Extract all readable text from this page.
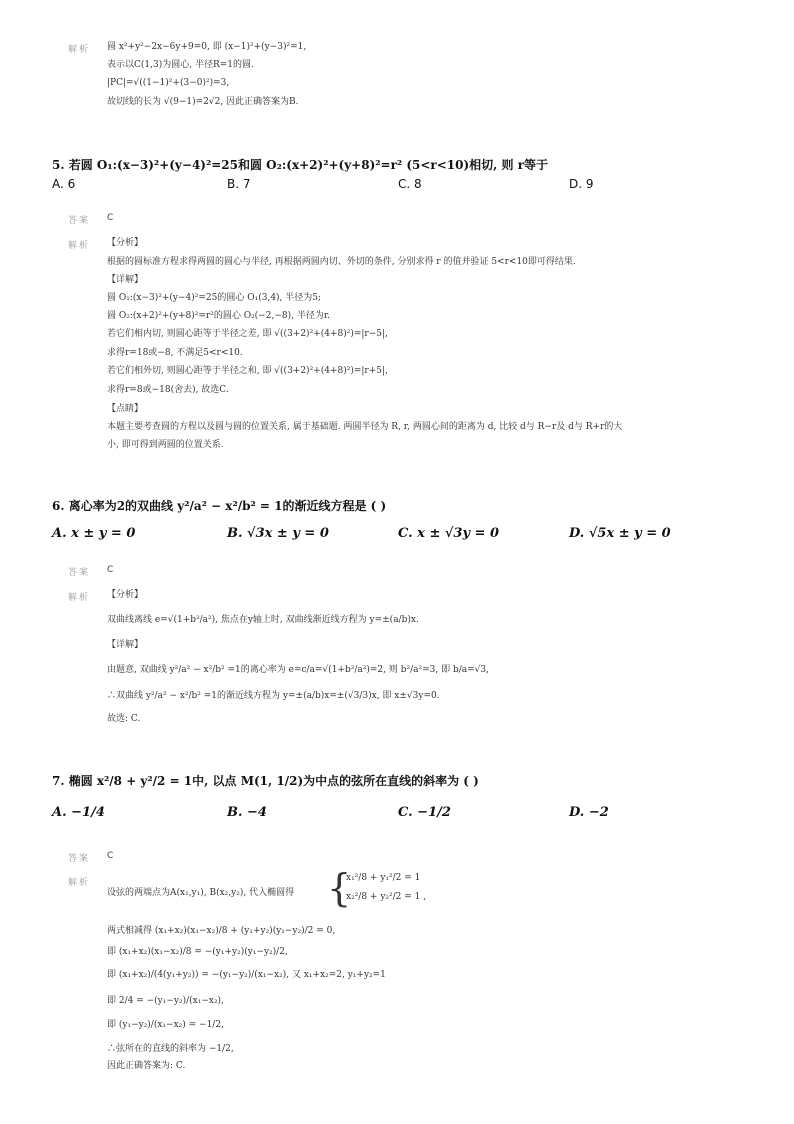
解析 圆 x²+y²−2x−6y+9=0, 即 (x−1)²+(y−3)²=1,
表示以C(1,3)为圆心, 半径R=1的圆.
|PC|=√((1−1)²+(3−0)²)=3,
故切线的长为 √(9−1)=2√2, 因此正确答案为B.
5. 若圆 O₁:(x−3)²+(y−4)²=25和圆 O₂:(x+2)²+(y+8)²=r² (5<r<10)相切, 则 r等于
A. 6	B. 7	C. 8	D. 9
答案 C
解析 【分析】
根据的圆标准方程求得两圆的圆心与半径, 再根据两圆内切、外切的条件, 分别求得 r 的值并验证 5<r<10即可得结果.
【详解】
圆 O₁:(x−3)²+(y−4)²=25的圆心 O₁(3,4), 半径为5;
圆 O₂:(x+2)²+(y+8)²=r²的圆心 O₂(−2,−8), 半径为r.
若它们相内切, 则圆心距等于半径之差, 即 √((3+2)²+(4+8)²)=|r−5|,
求得r=18或−8, 不满足5<r<10.
若它们相外切, 则圆心距等于半径之和, 即 √((3+2)²+(4+8)²)=|r+5|,
求得r=8或−18(舍去), 故选C.
【点睛】
本题主要考查圆的方程以及圆与圆的位置关系, 属于基础题. 两圆半径为 R, r, 两圆心间的距离为 d, 比较 d与 R−r及 d与 R+r的大
小, 即可得到两圆的位置关系.
6. 离心率为2的双曲线 y²/a² − x²/b² = 1的渐近线方程是 ( )
A. x ± y = 0	B. √3x ± y = 0	C. x ± √3y = 0	D. √5x ± y = 0
答案 C
解析 【分析】
双曲线离线 e=√(1+b²/a²), 焦点在y轴上时, 双曲线渐近线方程为 y=±(a/b)x.
【详解】
由题意, 双曲线 y²/a² − x²/b² =1的离心率为 e=c/a=√(1+b²/a²)=2, 则 b²/a²=3, 即 b/a=√3,
∴双曲线 y²/a² − x²/b² =1的渐近线方程为 y=±(a/b)x=±(√3/3)x, 即 x±√3y=0.
故选: C.
7. 椭圆 x²/8 + y²/2 = 1中, 以点 M(1, 1/2)为中点的弦所在直线的斜率为 ( )
A. −1/4	B. −4	C. −1/2	D. −2
答案 C
解析
设弦的两端点为A(x₁,y₁), B(x₂,y₂), 代入椭圆得 {
x₁²/8 + y₁²/2 = 1
x₂²/8 + y₂²/2 = 1 ,
两式相减得 (x₁+x₂)(x₁−x₂)/8 + (y₁+y₂)(y₁−y₂)/2 = 0,
即 (x₁+x₂)(x₁−x₂)/8 = −(y₁+y₂)(y₁−y₂)/2,
即 (x₁+x₂)/(4(y₁+y₂)) = −(y₁−y₂)/(x₁−x₂), 又 x₁+x₂=2, y₁+y₂=1
即 2/4 = −(y₁−y₂)/(x₁−x₂),
即 (y₁−y₂)/(x₁−x₂) = −1/2,
∴弦所在的直线的斜率为 −1/2,
因此正确答案为: C.
